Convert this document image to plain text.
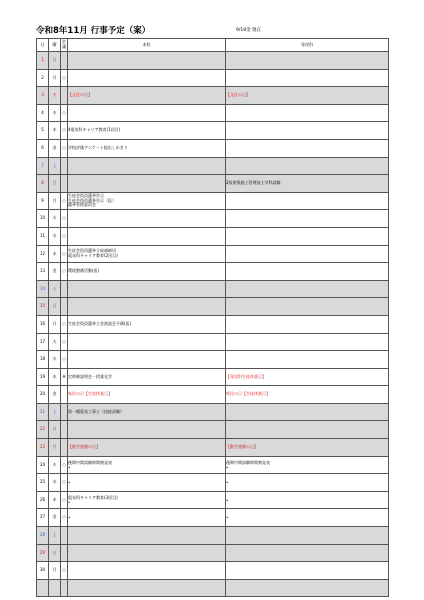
令和8年11月 行事予定（案）	9/18金 現在
日	曜	会議	本科	専攻科
1	日			
2	月	○		
3	火		【文化の日】	【文化の日】

4	水	○		
5	木	○	4電気科キャリア教育(1回目)	

6	金	○	学校評価アンケート提出しめきり	

7	土			
8	日			2級建築施工管理技士学科試験

9	月	○	生徒会役員選挙告示
生徒会役員選挙告示（仮）
選挙管理委員会	

10	火	○		
11	水	○		
12	木	○	生徒会役員選挙立候補締切
電気科キャリア教育(2回目)	

13	金	○	環境整備活動(仮)	

14	土			
15	日			
16	月	○	生徒会役員選挙立会演説会予備(仮)	

17	火	○		
18	水	○		
19	木	H	定時制説明会・授業見学	【専攻科生徒休業日】

20	金		県民の日【生徒休業日】	県民の日【生徒休業日】

21	土		第一種電気工事士（技能試験）	

22	日			
23	月		【勤労感謝の日】	【勤労感謝の日】

24	火	○	後期中間試験時間割発表
•	後期中間試験時間割発表
•

25	水	○	•	•

26	木	○	電気科キャリア教育(3回目)
•	•

27	金	○	•	•

28	土			
29	日			
30	月	○		
